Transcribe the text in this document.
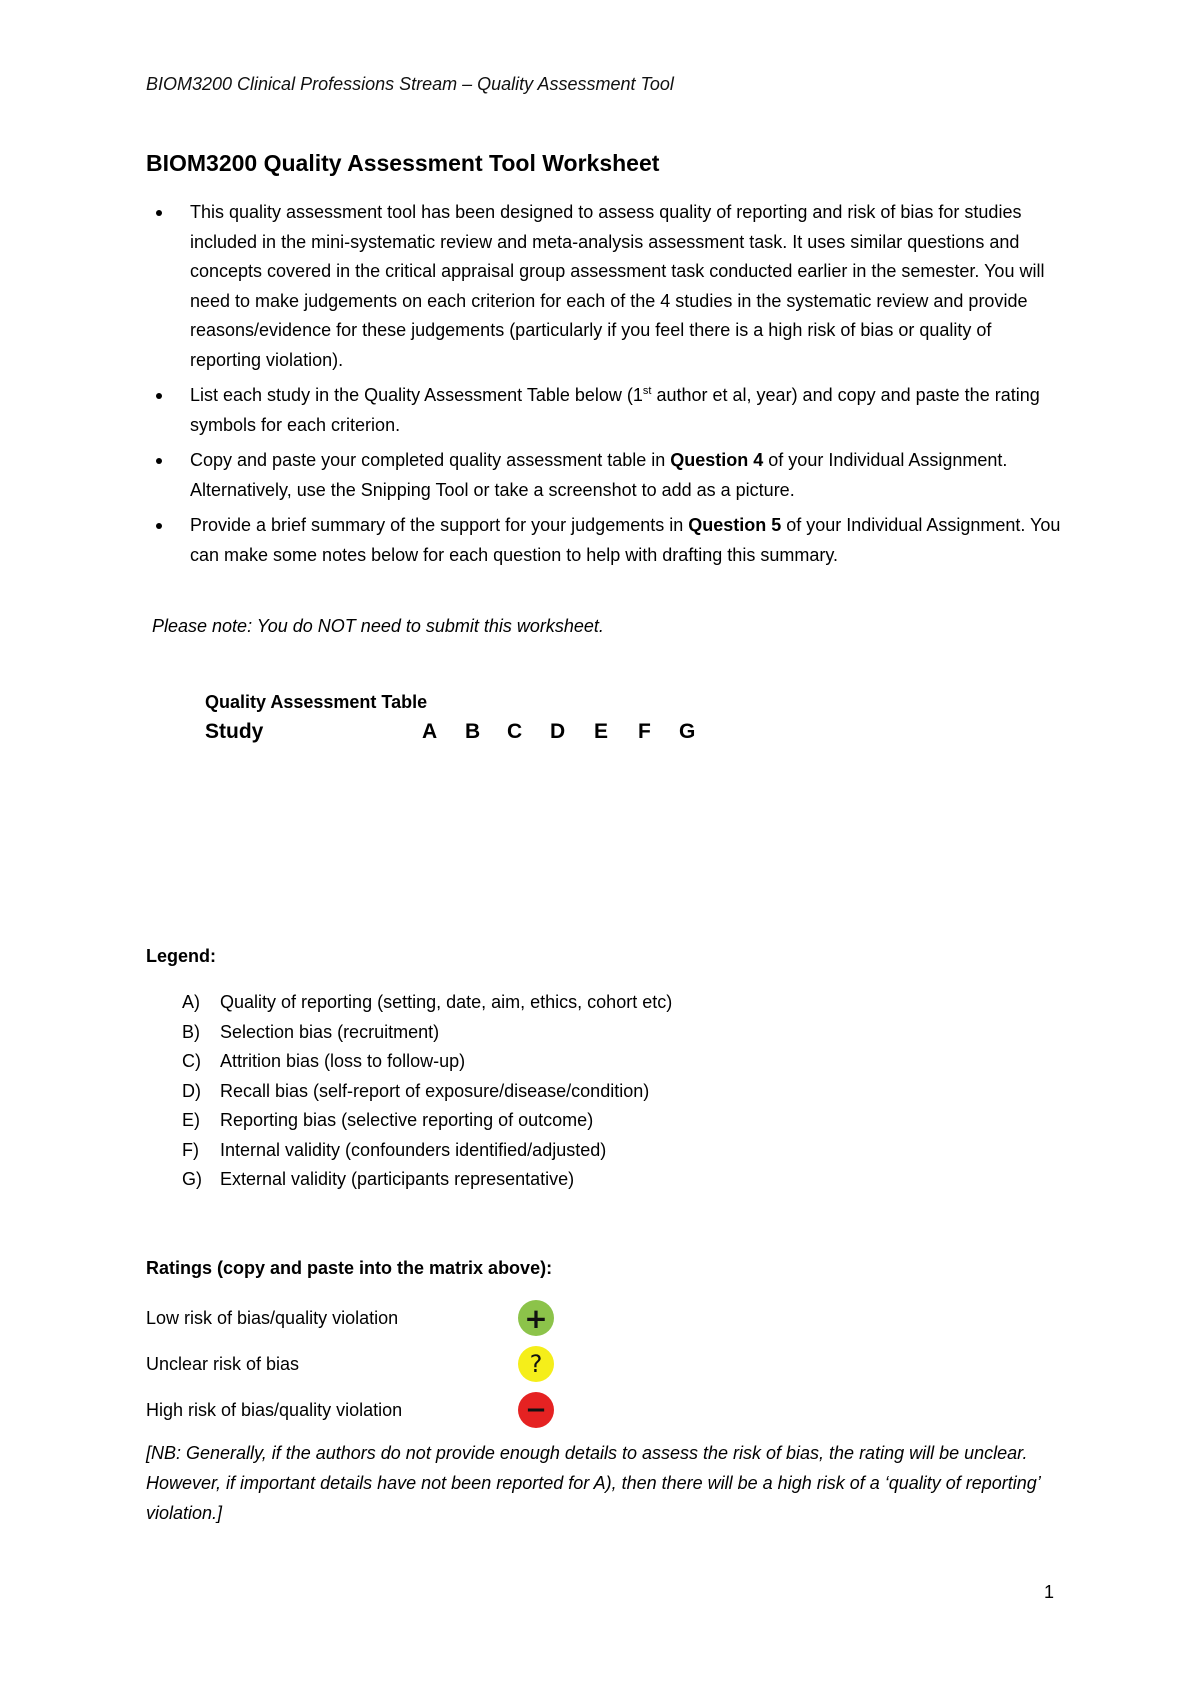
BIOM3200 Clinical Professions Stream – Quality Assessment Tool
BIOM3200 Quality Assessment Tool Worksheet
This quality assessment tool has been designed to assess quality of reporting and risk of bias for studies included in the mini-systematic review and meta-analysis assessment task. It uses similar questions and concepts covered in the critical appraisal group assessment task conducted earlier in the semester. You will need to make judgements on each criterion for each of the 4 studies in the systematic review and provide reasons/evidence for these judgements (particularly if you feel there is a high risk of bias or quality of reporting violation).
List each study in the Quality Assessment Table below (1st author et al, year) and copy and paste the rating symbols for each criterion.
Copy and paste your completed quality assessment table in Question 4 of your Individual Assignment. Alternatively, use the Snipping Tool or take a screenshot to add as a picture.
Provide a brief summary of the support for your judgements in Question 5 of your Individual Assignment. You can make some notes below for each question to help with drafting this summary.
Please note: You do NOT need to submit this worksheet.
Quality Assessment Table
Study	A B C D E F G
Legend:
A) Quality of reporting (setting, date, aim, ethics, cohort etc)
B) Selection bias (recruitment)
C) Attrition bias (loss to follow-up)
D) Recall bias (self-report of exposure/disease/condition)
E) Reporting bias (selective reporting of outcome)
F) Internal validity (confounders identified/adjusted)
G) External validity (participants representative)
Ratings (copy and paste into the matrix above):
Low risk of bias/quality violation	+
Unclear risk of bias	?
High risk of bias/quality violation	−
[NB: Generally, if the authors do not provide enough details to assess the risk of bias, the rating will be unclear. However, if important details have not been reported for A), then there will be a high risk of a ‘quality of reporting’ violation.]
1
